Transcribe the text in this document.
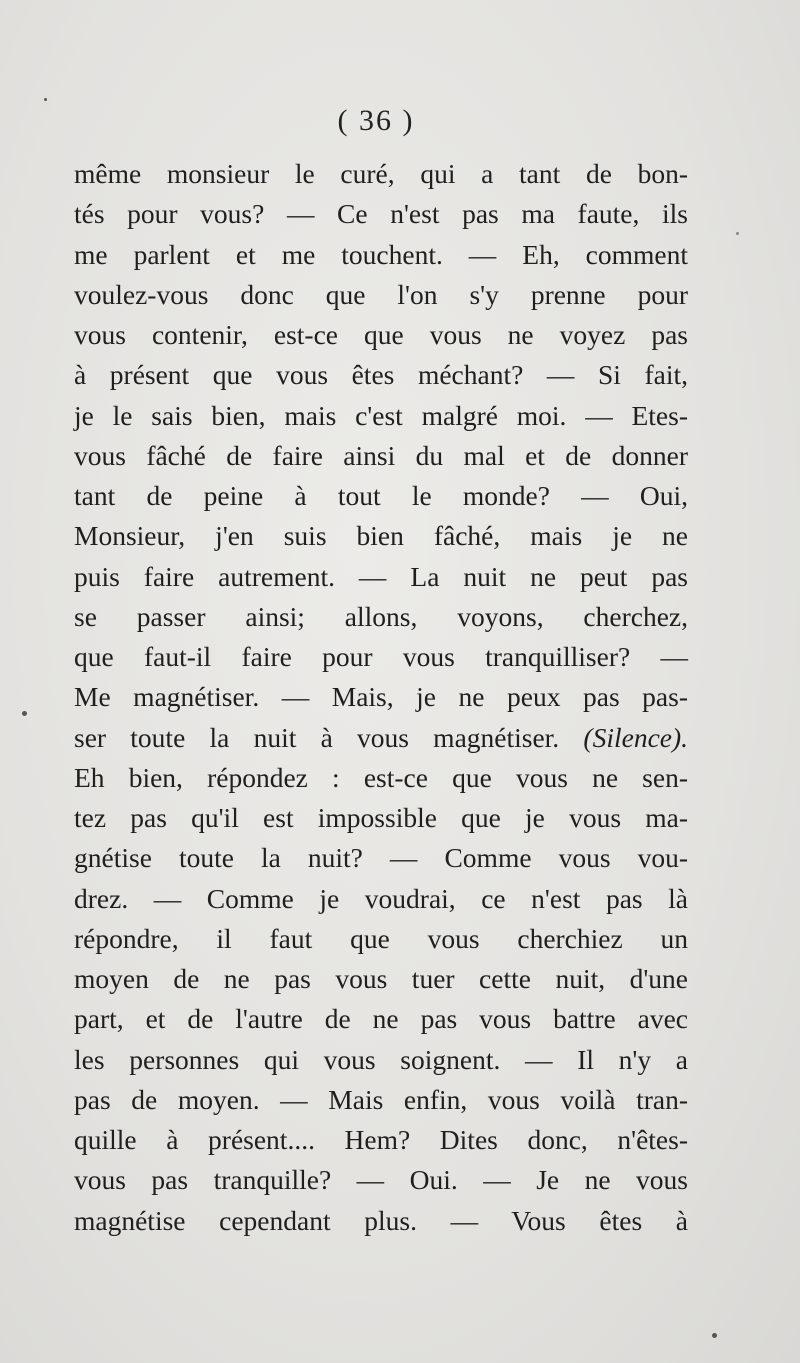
( 36 )
même monsieur le curé, qui a tant de bon-
tés pour vous? — Ce n'est pas ma faute, ils
me parlent et me touchent. — Eh, comment
voulez-vous donc que l'on s'y prenne pour
vous contenir, est-ce que vous ne voyez pas
à présent que vous êtes méchant? — Si fait,
je le sais bien, mais c'est malgré moi. — Etes-
vous fâché de faire ainsi du mal et de donner
tant de peine à tout le monde? — Oui,
Monsieur, j'en suis bien fâché, mais je ne
puis faire autrement. — La nuit ne peut pas
se passer ainsi; allons, voyons, cherchez,
que faut-il faire pour vous tranquilliser? —
Me magnétiser. — Mais, je ne peux pas pas-
ser toute la nuit à vous magnétiser. (Silence).
Eh bien, répondez : est-ce que vous ne sen-
tez pas qu'il est impossible que je vous ma-
gnétise toute la nuit? — Comme vous vou-
drez. — Comme je voudrai, ce n'est pas là
répondre, il faut que vous cherchiez un
moyen de ne pas vous tuer cette nuit, d'une
part, et de l'autre de ne pas vous battre avec
les personnes qui vous soignent. — Il n'y a
pas de moyen. — Mais enfin, vous voilà tran-
quille à présent.... Hem? Dites donc, n'êtes-
vous pas tranquille? — Oui. — Je ne vous
magnétise cependant plus. — Vous êtes à
